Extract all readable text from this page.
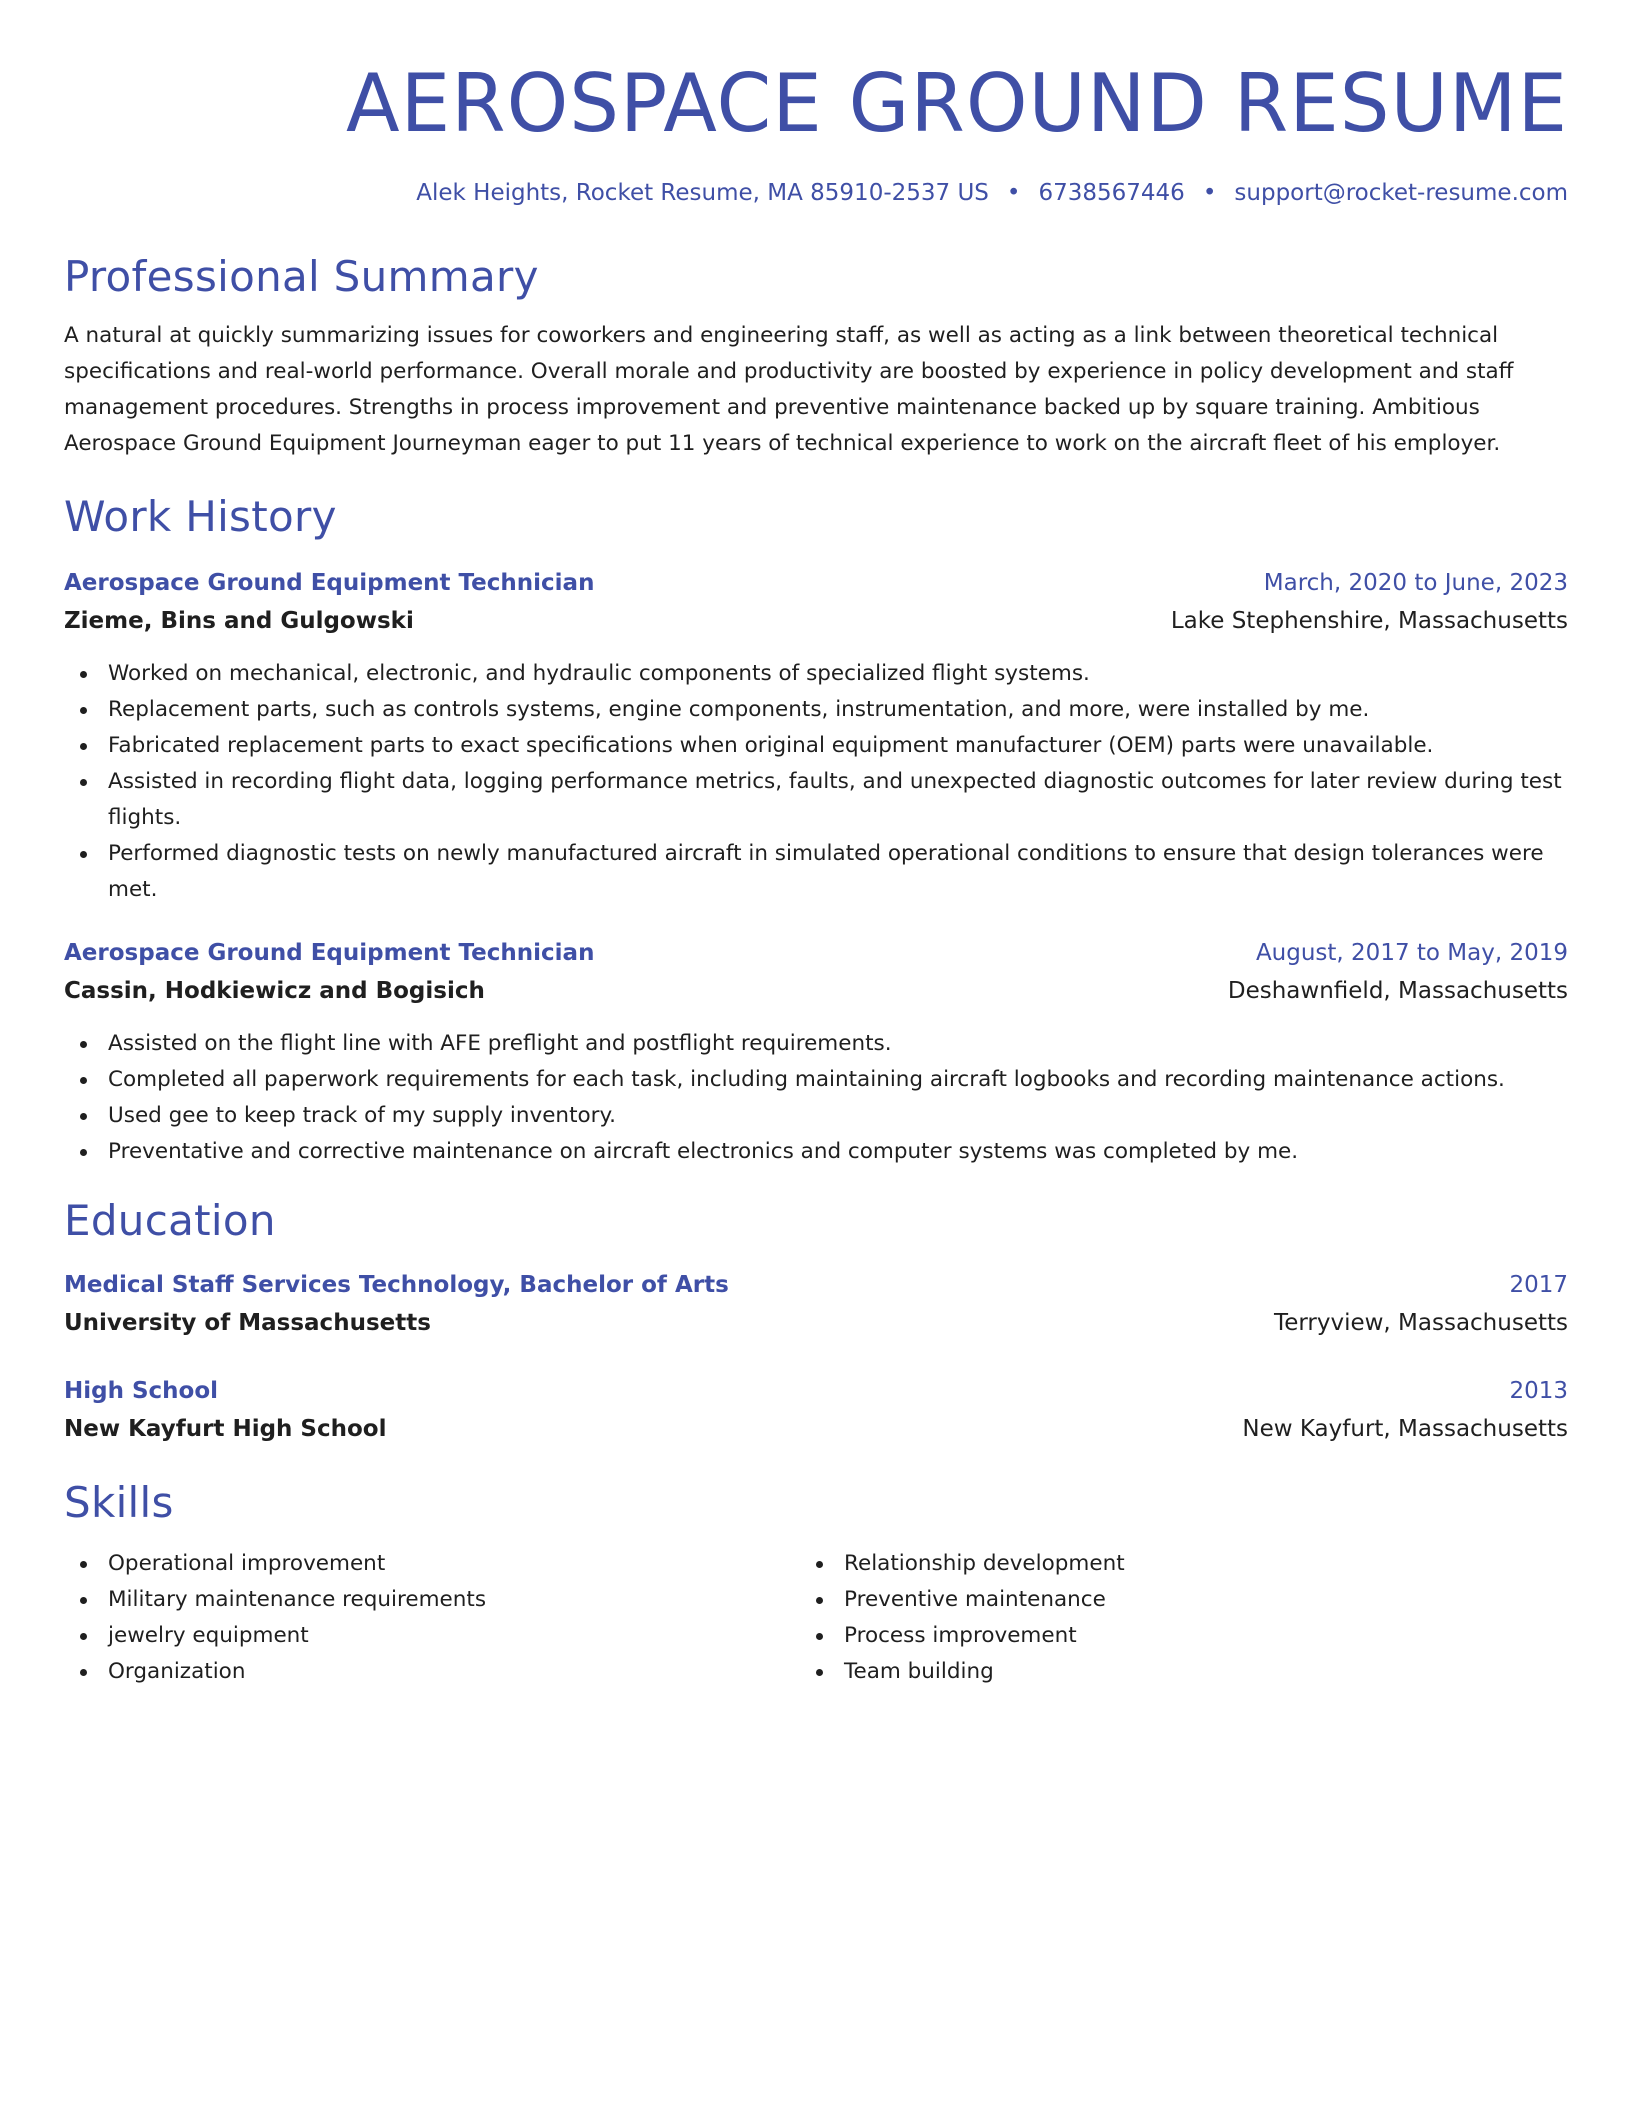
AEROSPACE GROUND RESUME
Alek Heights, Rocket Resume, MA 85910-2537 US • 6738567446 • support@rocket-resume.com
Professional Summary

A natural at quickly summarizing issues for coworkers and engineering staff, as well as acting as a link between theoretical technical specifications and real-world performance. Overall morale and productivity are boosted by experience in policy development and staff management procedures. Strengths in process improvement and preventive maintenance backed up by square training. Ambitious Aerospace Ground Equipment Journeyman eager to put 11 years of technical experience to work on the aircraft fleet of his employer.

Work History
Aerospace Ground Equipment Technician	March, 2020 to June, 2023
Zieme, Bins and Gulgowski	Lake Stephenshire, Massachusetts
Worked on mechanical, electronic, and hydraulic components of specialized flight systems.
Replacement parts, such as controls systems, engine components, instrumentation, and more, were installed by me.
Fabricated replacement parts to exact specifications when original equipment manufacturer (OEM) parts were unavailable.
Assisted in recording flight data, logging performance metrics, faults, and unexpected diagnostic outcomes for later review during test flights.
Performed diagnostic tests on newly manufactured aircraft in simulated operational conditions to ensure that design tolerances were met.
Aerospace Ground Equipment Technician	August, 2017 to May, 2019
Cassin, Hodkiewicz and Bogisich	Deshawnfield, Massachusetts
Assisted on the flight line with AFE preflight and postflight requirements.
Completed all paperwork requirements for each task, including maintaining aircraft logbooks and recording maintenance actions.
Used gee to keep track of my supply inventory.
Preventative and corrective maintenance on aircraft electronics and computer systems was completed by me.
Education
Medical Staff Services Technology, Bachelor of Arts	2017
University of Massachusetts	Terryview, Massachusetts
High School	2013
New Kayfurt High School	New Kayfurt, Massachusetts
Skills
Operational improvement
Military maintenance requirements
jewelry equipment
Organization
Relationship development
Preventive maintenance
Process improvement
Team building
